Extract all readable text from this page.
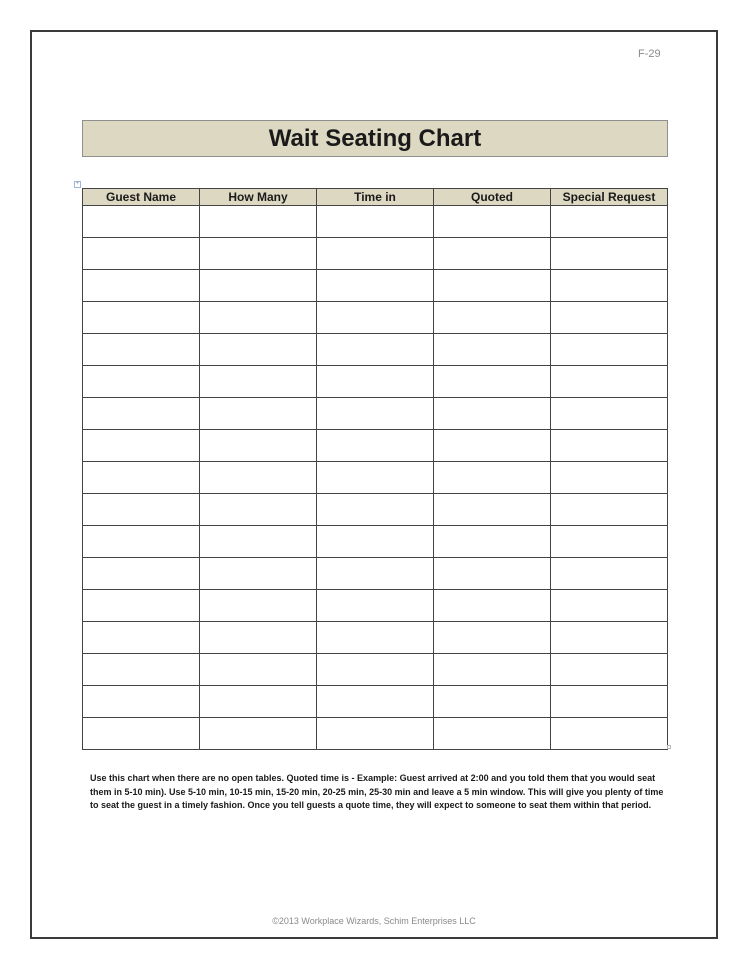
F-29
Wait Seating Chart
+
Guest Name	How Many	Time in	Quoted	Special Request

Use this chart when there are no open tables. Quoted time is - Example: Guest arrived at 2:00 and you told them that you would seat them in 5-10 min). Use 5-10 min, 10-15 min, 15-20 min, 20-25 min, 25-30 min and leave a 5 min window. This will give you plenty of time to seat the guest in a timely fashion. Once you tell guests a quote time, they will expect to someone to seat them within that period.
©2013 Workplace Wizards, Schim Enterprises LLC
